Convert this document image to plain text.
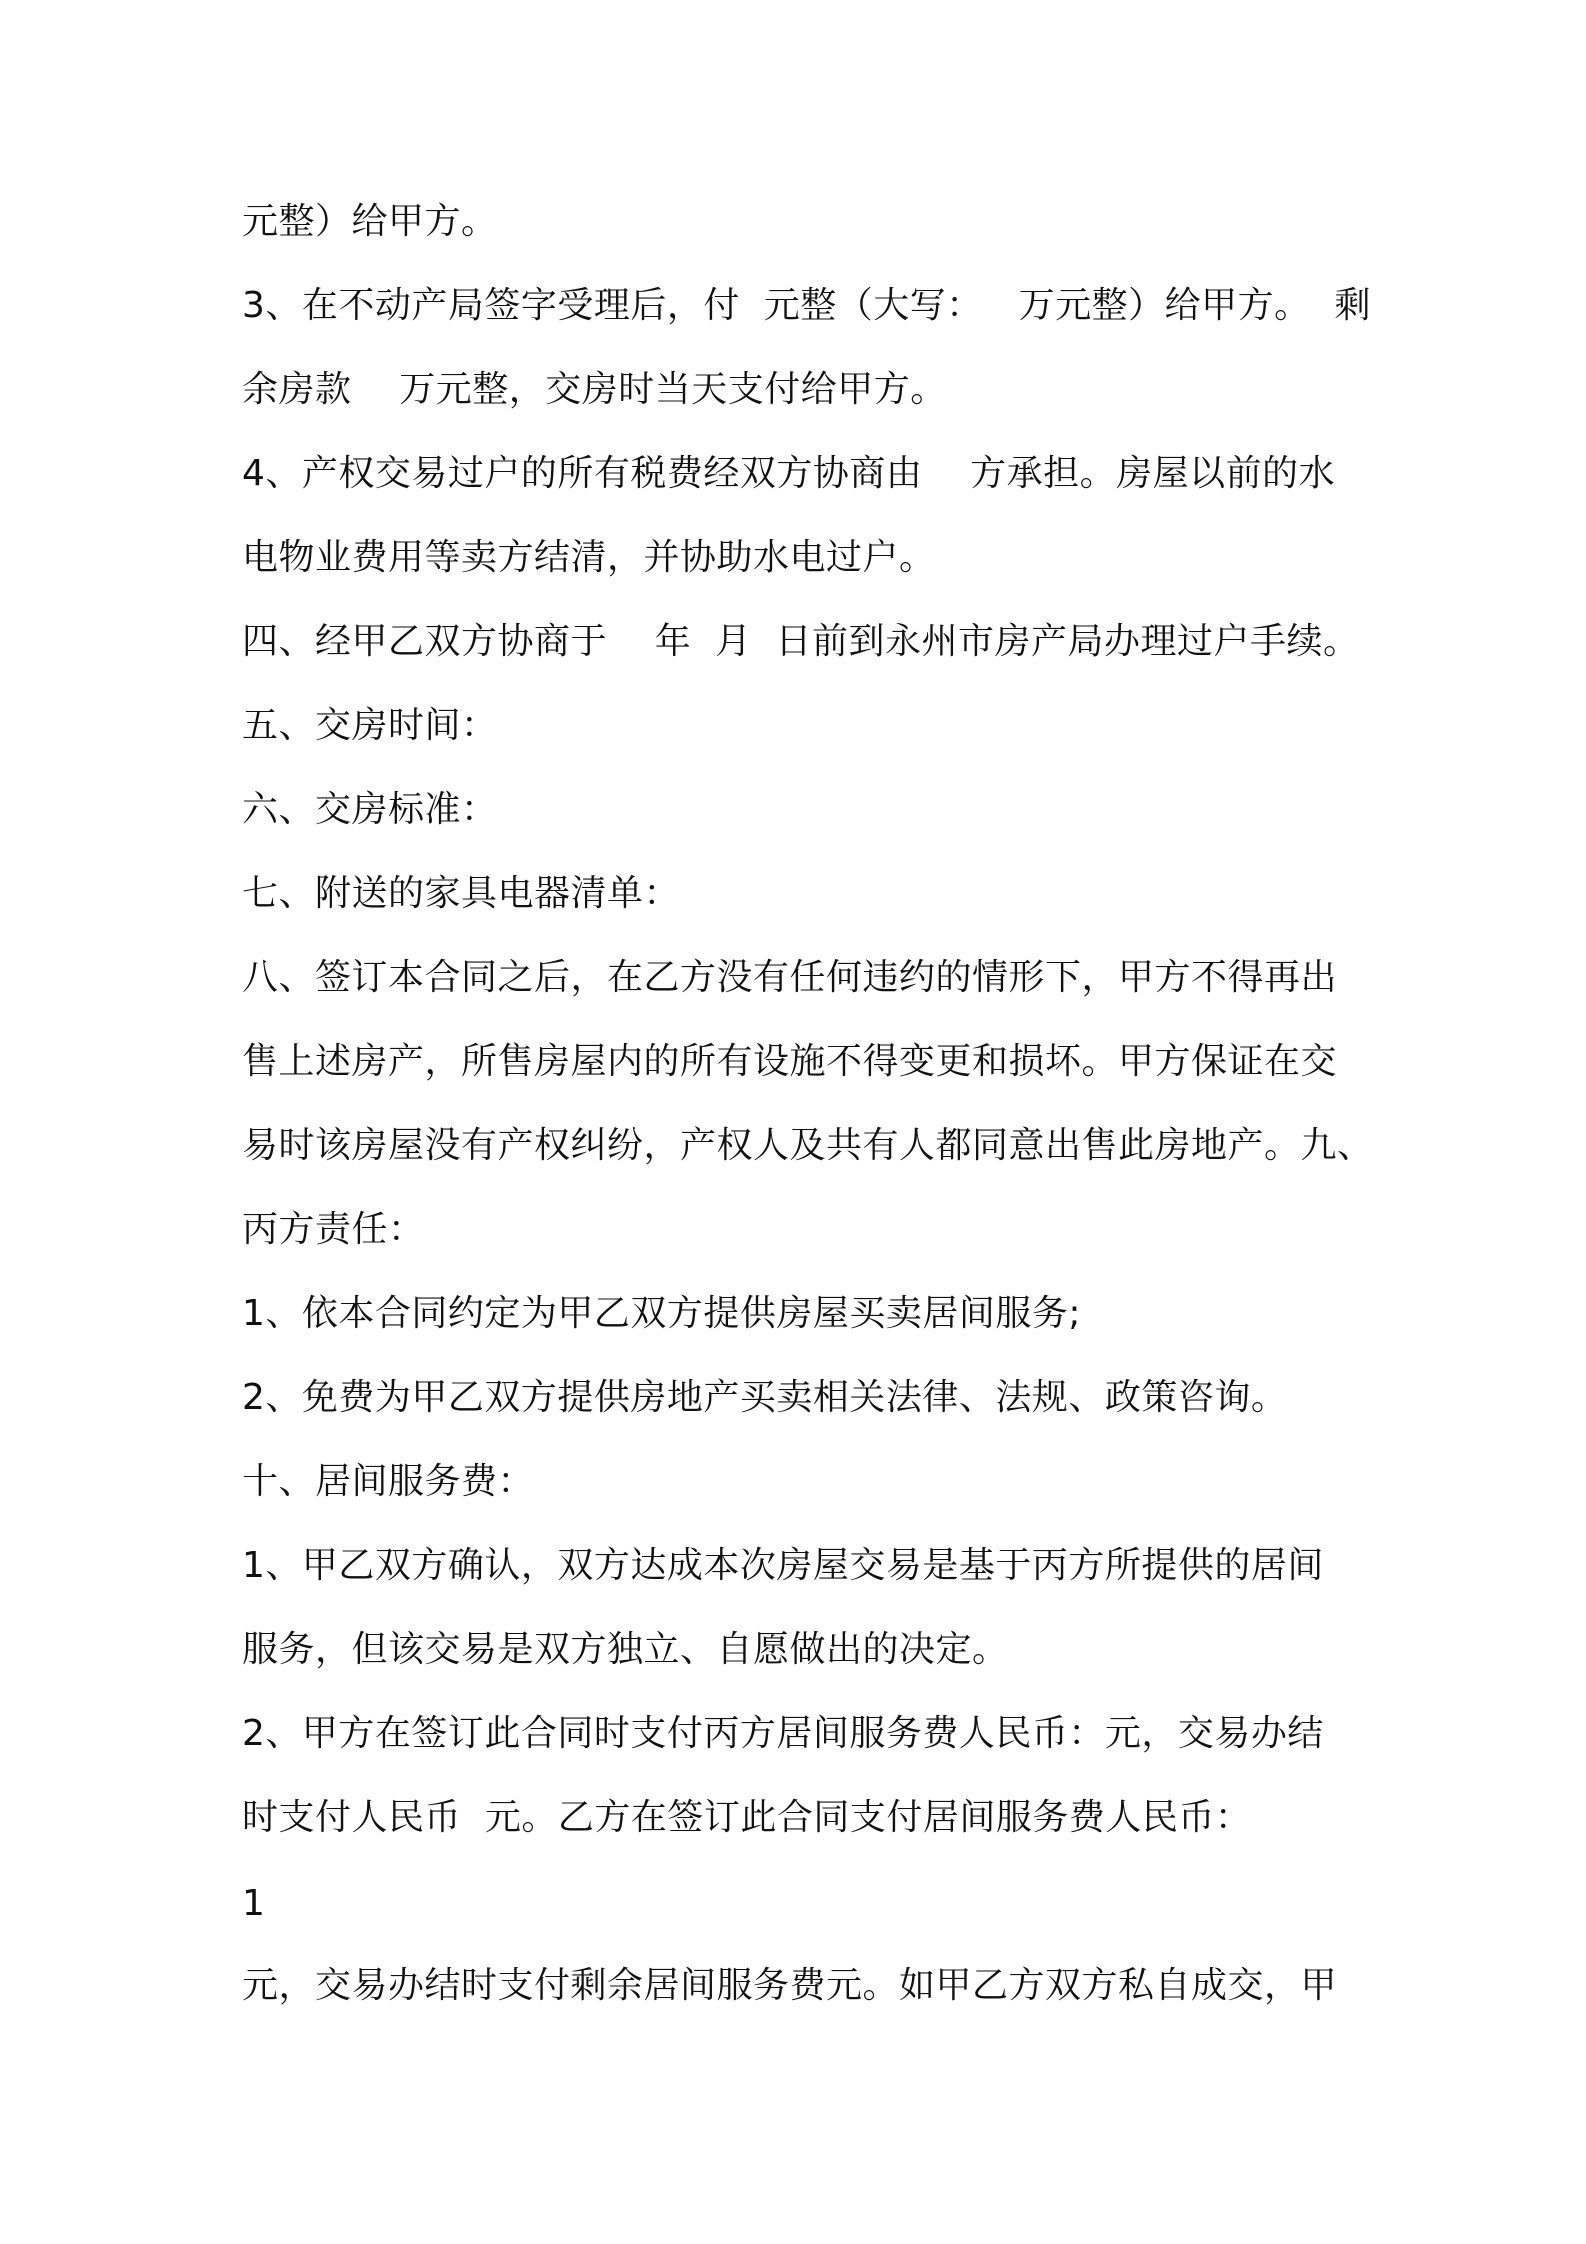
元整）给甲方。
3、在不动产局签字受理后，付  元整（大写：   万元整）给甲方。  剩
余房款    万元整，交房时当天支付给甲方。
4、产权交易过户的所有税费经双方协商由    方承担。房屋以前的水
电物业费用等卖方结清，并协助水电过户。
四、经甲乙双方协商于    年  月  日前到永州市房产局办理过户手续。
五、交房时间：
六、交房标准：
七、附送的家具电器清单：
八、签订本合同之后，在乙方没有任何违约的情形下，甲方不得再出
售上述房产，所售房屋内的所有设施不得变更和损坏。甲方保证在交
易时该房屋没有产权纠纷，产权人及共有人都同意出售此房地产。九、
丙方责任：
1、依本合同约定为甲乙双方提供房屋买卖居间服务;
2、免费为甲乙双方提供房地产买卖相关法律、法规、政策咨询。
十、居间服务费：
1、甲乙双方确认，双方达成本次房屋交易是基于丙方所提供的居间
服务，但该交易是双方独立、自愿做出的决定。
2、甲方在签订此合同时支付丙方居间服务费人民币：元，交易办结
时支付人民币  元。乙方在签订此合同支付居间服务费人民币：
1
元，交易办结时支付剩余居间服务费元。如甲乙方双方私自成交，甲
